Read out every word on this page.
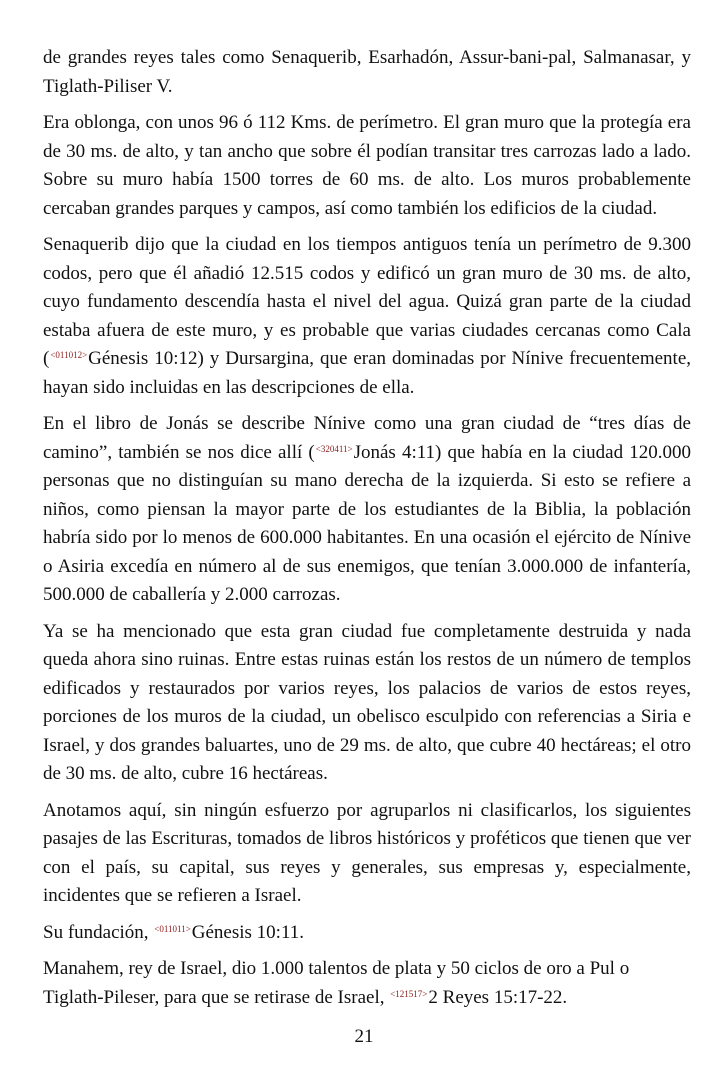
de grandes reyes tales como Senaquerib, Esarhadón, Assur-bani-pal, Salmanasar, y Tiglath-Piliser V.

Era oblonga, con unos 96 ó 112 Kms. de perímetro. El gran muro que la protegía era de 30 ms. de alto, y tan ancho que sobre él podían transitar tres carrozas lado a lado. Sobre su muro había 1500 torres de 60 ms. de alto. Los muros probablemente cercaban grandes parques y campos, así como también los edificios de la ciudad.

Senaquerib dijo que la ciudad en los tiempos antiguos tenía un perímetro de 9.300 codos, pero que él añadió 12.515 codos y edificó un gran muro de 30 ms. de alto, cuyo fundamento descendía hasta el nivel del agua. Quizá gran parte de la ciudad estaba afuera de este muro, y es probable que varias ciudades cercanas como Cala ($^{<011012>}$Génesis 10:12) y Dursargina, que eran dominadas por Nínive frecuentemente, hayan sido incluidas en las descripciones de ella.

En el libro de Jonás se describe Nínive como una gran ciudad de “tres días de camino”, también se nos dice allí ($^{<320411>}$Jonás 4:11) que había en la ciudad 120.000 personas que no distinguían su mano derecha de la izquierda. Si esto se refiere a niños, como piensan la mayor parte de los estudiantes de la Biblia, la población habría sido por lo menos de 600.000 habitantes. En una ocasión el ejército de Nínive o Asiria excedía en número al de sus enemigos, que tenían 3.000.000 de infantería, 500.000 de caballería y 2.000 carrozas.

Ya se ha mencionado que esta gran ciudad fue completamente destruida y nada queda ahora sino ruinas. Entre estas ruinas están los restos de un número de templos edificados y restaurados por varios reyes, los palacios de varios de estos reyes, porciones de los muros de la ciudad, un obelisco esculpido con referencias a Siria e Israel, y dos grandes baluartes, uno de 29 ms. de alto, que cubre 40 hectáreas; el otro de 30 ms. de alto, cubre 16 hectáreas.

Anotamos aquí, sin ningún esfuerzo por agruparlos ni clasificarlos, los siguientes pasajes de las Escrituras, tomados de libros históricos y proféticos que tienen que ver con el país, su capital, sus reyes y generales, sus empresas y, especialmente, incidentes que se refieren a Israel.

Su fundación, $^{<011011>}$Génesis 10:11.

Manahem, rey de Israel, dio 1.000 talentos de plata y 50 ciclos de oro a Pul o Tiglath-Pileser, para que se retirase de Israel, $^{<121517>}$2 Reyes 15:17-22.

21
